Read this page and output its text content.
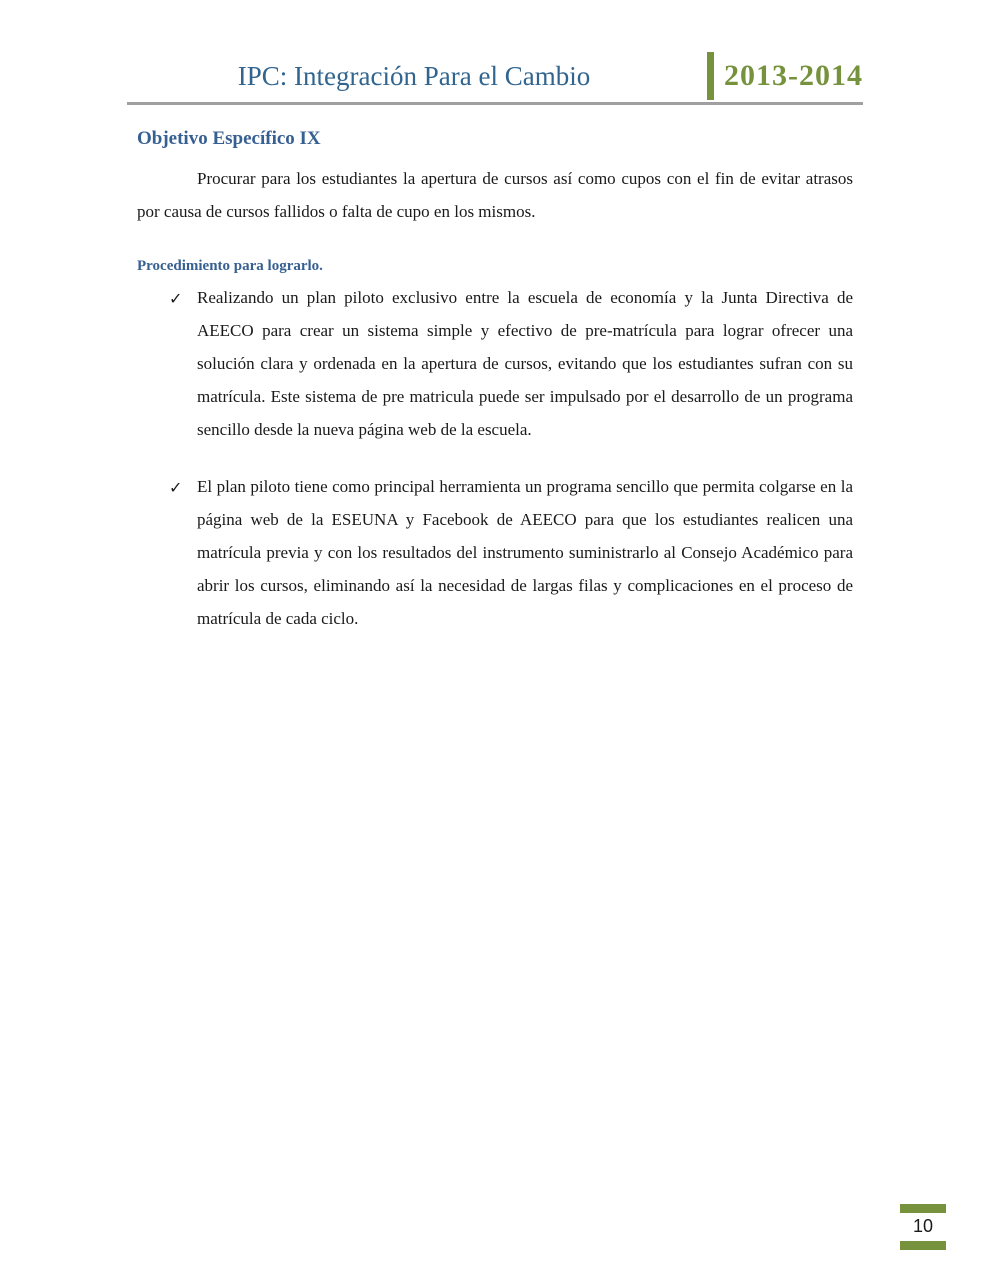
IPC: Integración Para el Cambio	2013-2014
Objetivo Específico IX

Procurar para los estudiantes la apertura de cursos así como cupos con el fin de evitar atrasos por causa de cursos fallidos o falta de cupo en los mismos.

Procedimiento para lograrlo.
✓ Realizando un plan piloto exclusivo entre la escuela de economía y la Junta Directiva de AEECO para crear un sistema simple y efectivo de pre-matrícula para lograr ofrecer una solución clara y ordenada en la apertura de cursos, evitando que los estudiantes sufran con su matrícula. Este sistema de pre matricula puede ser impulsado por el desarrollo de un programa sencillo desde la nueva página web de la escuela.
✓ El plan piloto tiene como principal herramienta un programa sencillo que permita colgarse en la página web de la ESEUNA y Facebook de AEECO para que los estudiantes realicen una matrícula previa y con los resultados del instrumento suministrarlo al Consejo Académico para abrir los cursos, eliminando así la necesidad de largas filas y complicaciones en el proceso de matrícula de cada ciclo.
10
